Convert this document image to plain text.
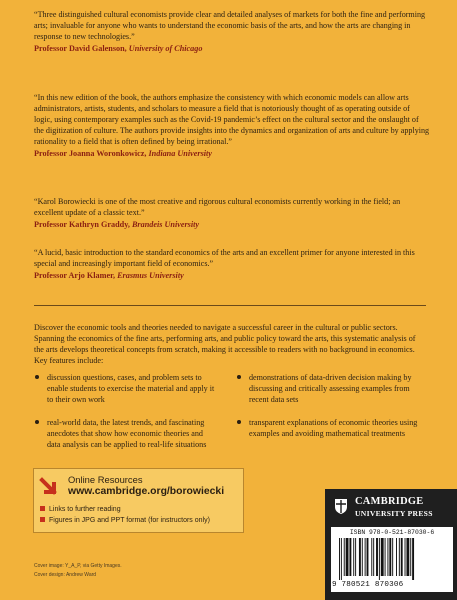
“Three distinguished cultural economists provide clear and detailed analyses of markets for both the fine and performing arts; invaluable for anyone who wants to understand the economic basis of the arts, and how the arts are changing in response to new technologies.”

Professor David Galenson, University of Chicago

“In this new edition of the book, the authors emphasize the consistency with which economic models can allow arts administrators, artists, students, and scholars to measure a field that is notoriously thought of as operating outside of logic, using contemporary examples such as the Covid-19 pandemic’s effect on the cultural sector and the onslaught of the digitization of culture. The authors provide insights into the dynamics and organization of arts and culture by applying rationality to a field that is often defined by being irrational.”

Professor Joanna Woronkowicz, Indiana University

“Karol Borowiecki is one of the most creative and rigorous cultural economists currently working in the field; an excellent update of a classic text.”

Professor Kathryn Graddy, Brandeis University

“A lucid, basic introduction to the standard economics of the arts and an excellent primer for anyone interested in this special and increasingly important field of economics.”

Professor Arjo Klamer, Erasmus University

Discover the economic tools and theories needed to navigate a successful career in the cultural or public sectors. Spanning the economics of the fine arts, performing arts, and public policy toward the arts, this systematic analysis of the arts develops theoretical concepts from scratch, making it accessible to readers with no background in economics. Key features include:

discussion questions, cases, and problem sets to enable students to exercise the material and apply it to their own work
real-world data, the latest trends, and fascinating anecdotes that show how economic theories and data analysis can be applied to real-life situations
demonstrations of data-driven decision making by discussing and critically assessing examples from recent data sets
transparent explanations of economic theories using examples and avoiding mathematical treatments
Online Resources
www.cambridge.org/borowiecki
Links to further reading
Figures in JPG and PPT format (for instructors only)
Cover image: Y_A_P, via Getty Images.
Cover design: Andrew Ward
CAMBRIDGE
UNIVERSITY PRESS
ISBN 978-0-521-87030-6
9 780521 870306
